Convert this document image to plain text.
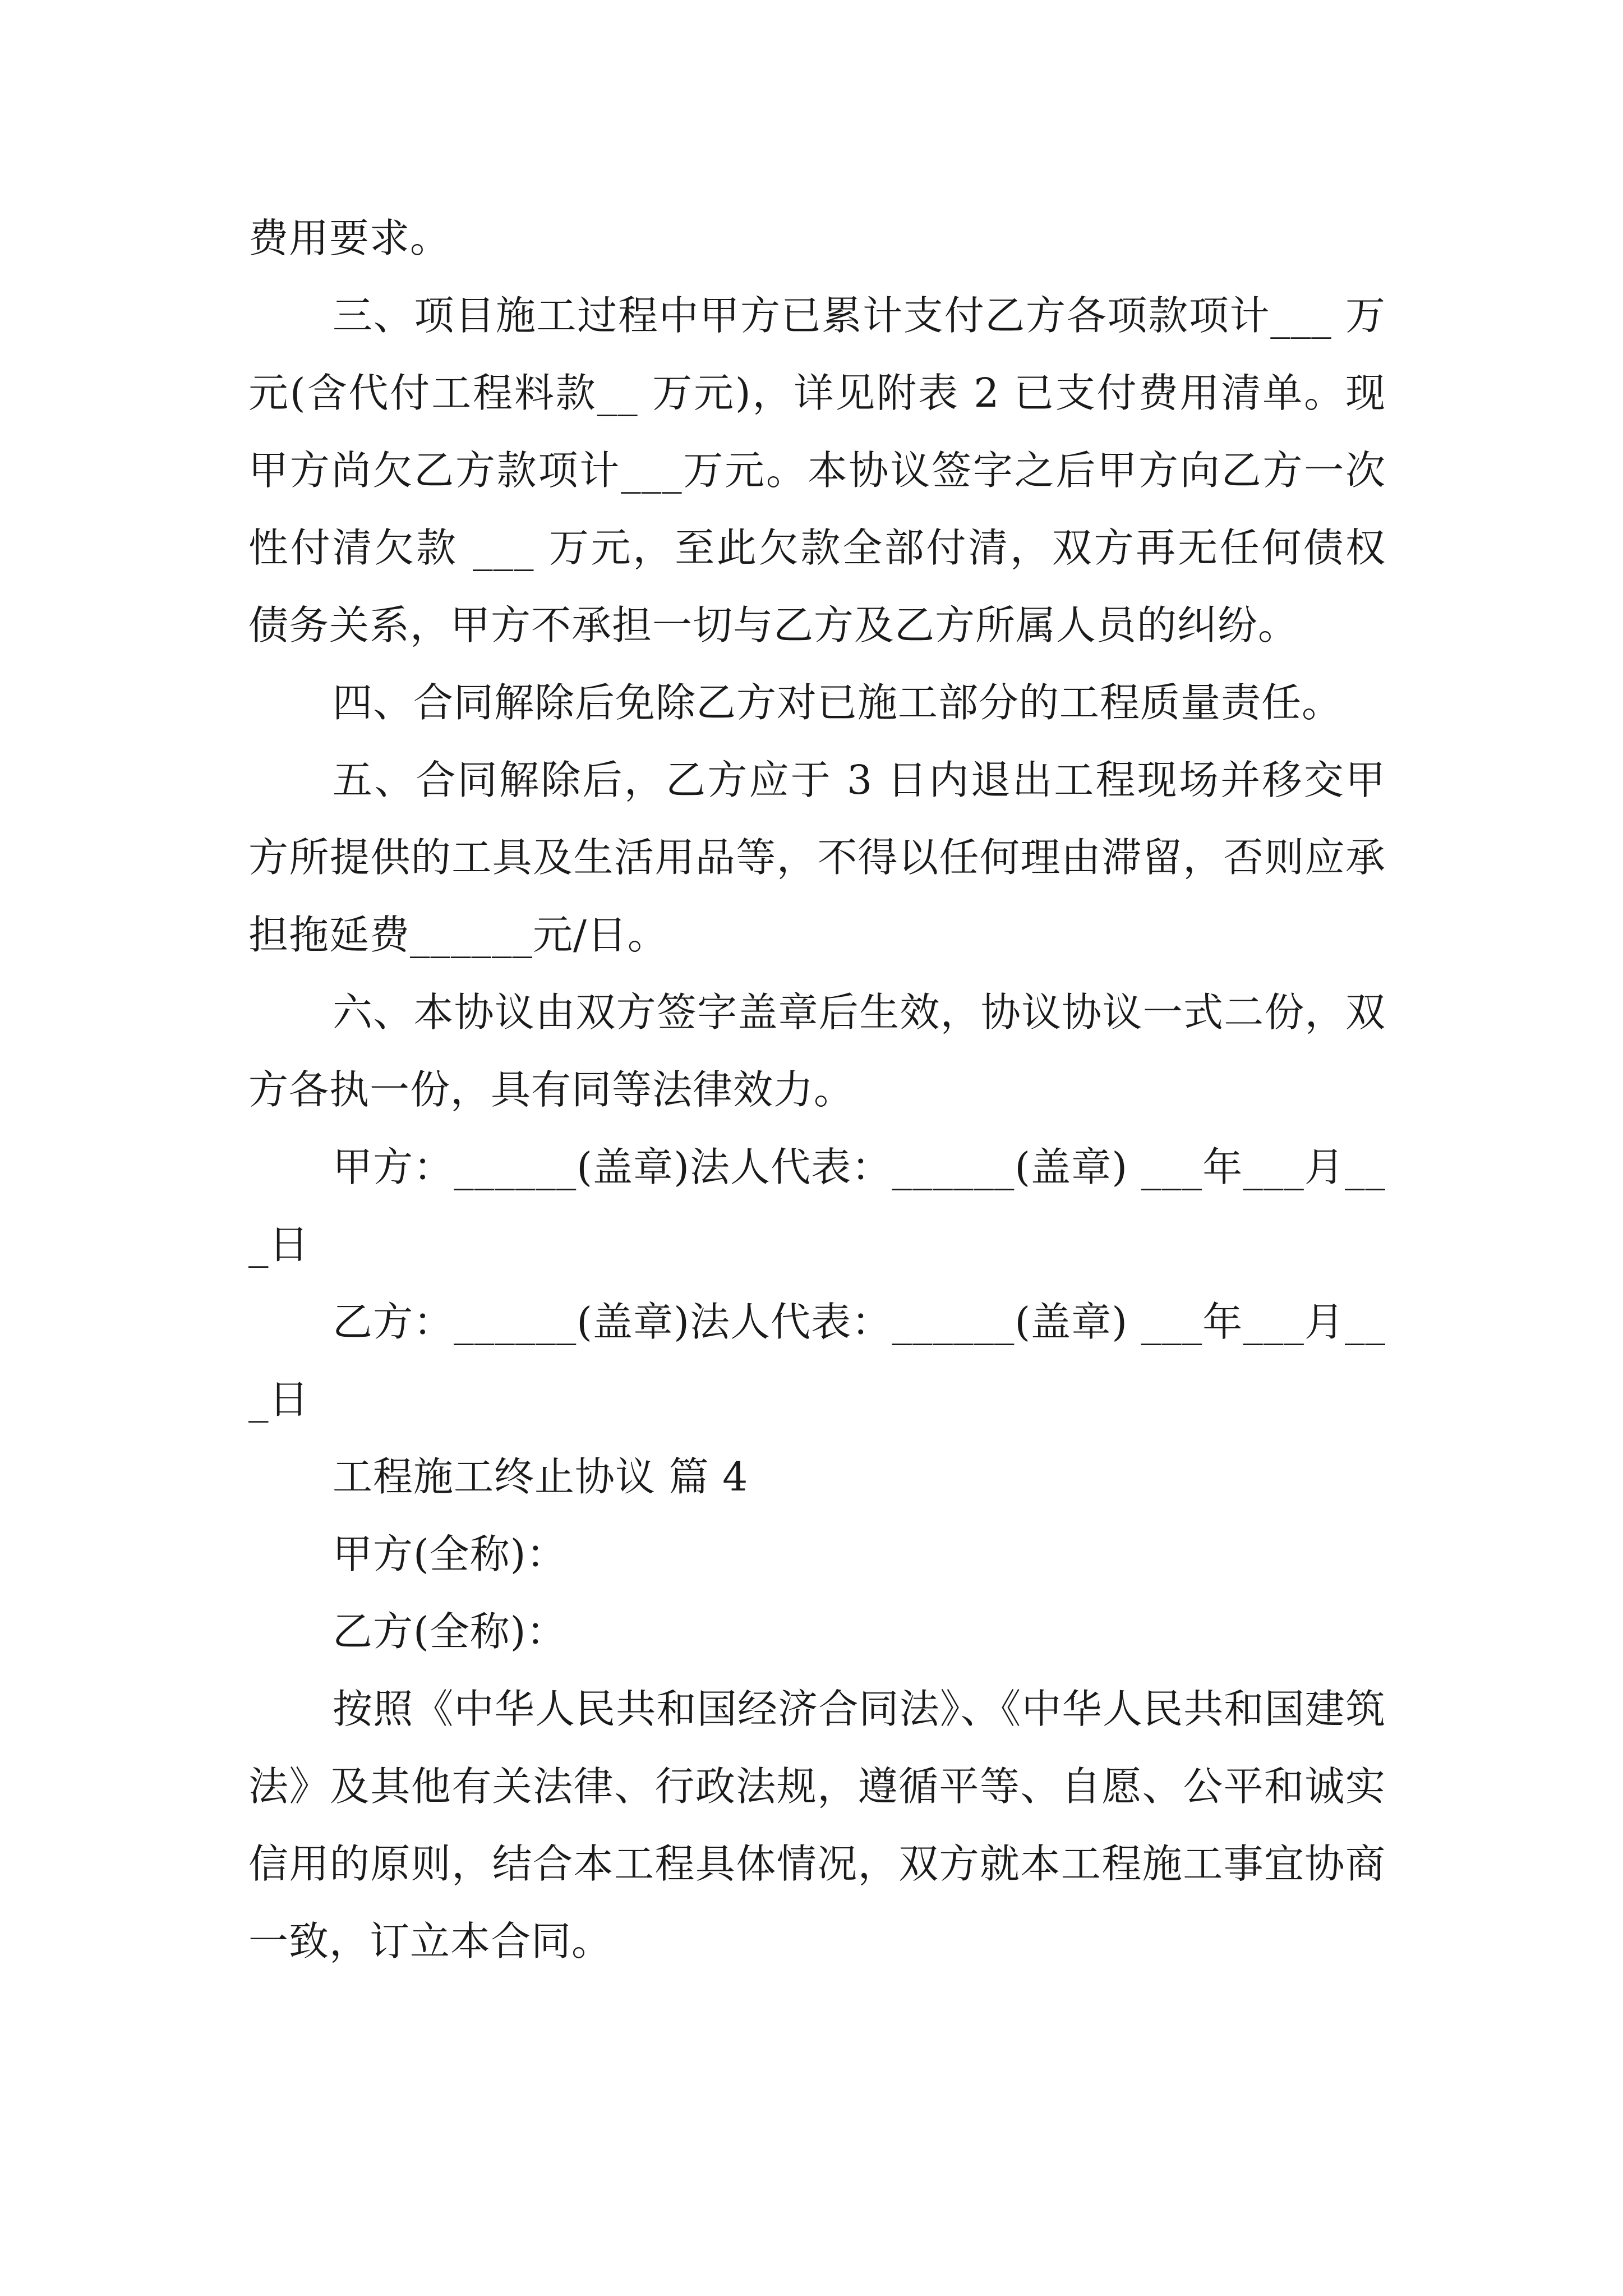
费用要求。

三、项目施工过程中甲方已累计支付乙方各项款项计___ 万元(含代付工程料款__ 万元)，详见附表 2 已支付费用清单。现甲方尚欠乙方款项计___万元。本协议签字之后甲方向乙方一次性付清欠款 ___ 万元，至此欠款全部付清，双方再无任何债权债务关系，甲方不承担一切与乙方及乙方所属人员的纠纷。

四、合同解除后免除乙方对已施工部分的工程质量责任。

五、合同解除后，乙方应于 3 日内退出工程现场并移交甲方所提供的工具及生活用品等，不得以任何理由滞留，否则应承担拖延费______元/日。

六、本协议由双方签字盖章后生效，协议协议一式二份，双方各执一份，具有同等法律效力。

甲方：______(盖章)法人代表：______(盖章) ___年___月___日

乙方：______(盖章)法人代表：______(盖章) ___年___月___日

工程施工终止协议 篇 4

甲方(全称)：

乙方(全称)：

按照《中华人民共和国经济合同法》、《中华人民共和国建筑法》及其他有关法律、行政法规，遵循平等、自愿、公平和诚实信用的原则，结合本工程具体情况，双方就本工程施工事宜协商一致，订立本合同。
